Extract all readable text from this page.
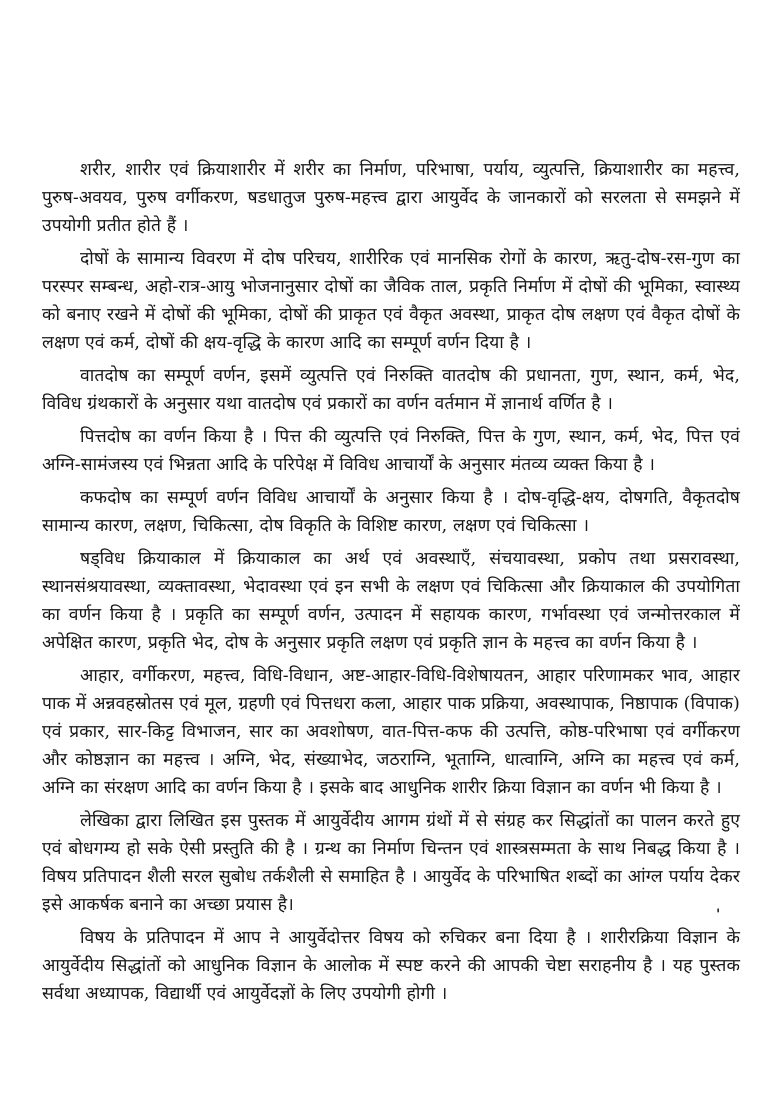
शरीर, शारीर एवं क्रियाशारीर में शरीर का निर्माण, परिभाषा, पर्याय, व्युत्पत्ति, क्रियाशारीर का महत्त्व, पुरुष-अवयव, पुरुष वर्गीकरण, षडधातुज पुरुष-महत्त्व द्वारा आयुर्वेद के जानकारों को सरलता से समझने में उपयोगी प्रतीत होते हैं ।

दोषों के सामान्य विवरण में दोष परिचय, शारीरिक एवं मानसिक रोगों के कारण, ऋतु-दोष-रस-गुण का परस्पर सम्बन्ध, अहो-रात्र-आयु भोजनानुसार दोषों का जैविक ताल, प्रकृति निर्माण में दोषों की भूमिका, स्वास्थ्य को बनाए रखने में दोषों की भूमिका, दोषों की प्राकृत एवं वैकृत अवस्था, प्राकृत दोष लक्षण एवं वैकृत दोषों के लक्षण एवं कर्म, दोषों की क्षय-वृद्धि के कारण आदि का सम्पूर्ण वर्णन दिया है ।

वातदोष का सम्पूर्ण वर्णन, इसमें व्युत्पत्ति एवं निरुक्ति वातदोष की प्रधानता, गुण, स्थान, कर्म, भेद, विविध ग्रंथकारों के अनुसार यथा वातदोष एवं प्रकारों का वर्णन वर्तमान में ज्ञानार्थ वर्णित है ।

पित्तदोष का वर्णन किया है । पित्त की व्युत्पत्ति एवं निरुक्ति, पित्त के गुण, स्थान, कर्म, भेद, पित्त एवं अग्नि-सामंजस्य एवं भिन्नता आदि के परिपेक्ष में विविध आचार्यों के अनुसार मंतव्य व्यक्त किया है ।

कफदोष का सम्पूर्ण वर्णन विविध आचार्यों के अनुसार किया है । दोष-वृद्धि-क्षय, दोषगति, वैकृतदोष सामान्य कारण, लक्षण, चिकित्सा, दोष विकृति के विशिष्ट कारण, लक्षण एवं चिकित्सा ।

षड्विध क्रियाकाल में क्रियाकाल का अर्थ एवं अवस्थाएँ, संचयावस्था, प्रकोप तथा प्रसरावस्था, स्थानसंश्रयावस्था, व्यक्तावस्था, भेदावस्था एवं इन सभी के लक्षण एवं चिकित्सा और क्रियाकाल की उपयोगिता का वर्णन किया है । प्रकृति का सम्पूर्ण वर्णन, उत्पादन में सहायक कारण, गर्भावस्था एवं जन्मोत्तरकाल में अपेक्षित कारण, प्रकृति भेद, दोष के अनुसार प्रकृति लक्षण एवं प्रकृति ज्ञान के महत्त्व का वर्णन किया है ।

आहार, वर्गीकरण, महत्त्व, विधि-विधान, अष्ट-आहार-विधि-विशेषायतन, आहार परिणामकर भाव, आहार पाक में अन्नवहस्रोतस एवं मूल, ग्रहणी एवं पित्तधरा कला, आहार पाक प्रक्रिया, अवस्थापाक, निष्ठापाक (विपाक) एवं प्रकार, सार-किट्ट विभाजन, सार का अवशोषण, वात-पित्त-कफ की उत्पत्ति, कोष्ठ-परिभाषा एवं वर्गीकरण और कोष्ठज्ञान का महत्त्व । अग्नि, भेद, संख्याभेद, जठराग्नि, भूताग्नि, धात्वाग्नि, अग्नि का महत्त्व एवं कर्म, अग्नि का संरक्षण आदि का वर्णन किया है । इसके बाद आधुनिक शारीर क्रिया विज्ञान का वर्णन भी किया है ।

लेखिका द्वारा लिखित इस पुस्तक में आयुर्वेदीय आगम ग्रंथों में से संग्रह कर सिद्धांतों का पालन करते हुए एवं बोधगम्य हो सके ऐसी प्रस्तुति की है । ग्रन्थ का निर्माण चिन्तन एवं शास्त्रसम्मता के साथ निबद्ध किया है । विषय प्रतिपादन शैली सरल सुबोध तर्कशैली से समाहित है । आयुर्वेद के परिभाषित शब्दों का आंग्ल पर्याय देकर इसे आकर्षक बनाने का अच्छा प्रयास है।

विषय के प्रतिपादन में आप ने आयुर्वेदोत्तर विषय को रुचिकर बना दिया है । शारीरक्रिया विज्ञान के आयुर्वेदीय सिद्धांतों को आधुनिक विज्ञान के आलोक में स्पष्ट करने की आपकी चेष्टा सराहनीय है । यह पुस्तक सर्वथा अध्यापक, विद्यार्थी एवं आयुर्वेदज्ञों के लिए उपयोगी होगी ।

'
